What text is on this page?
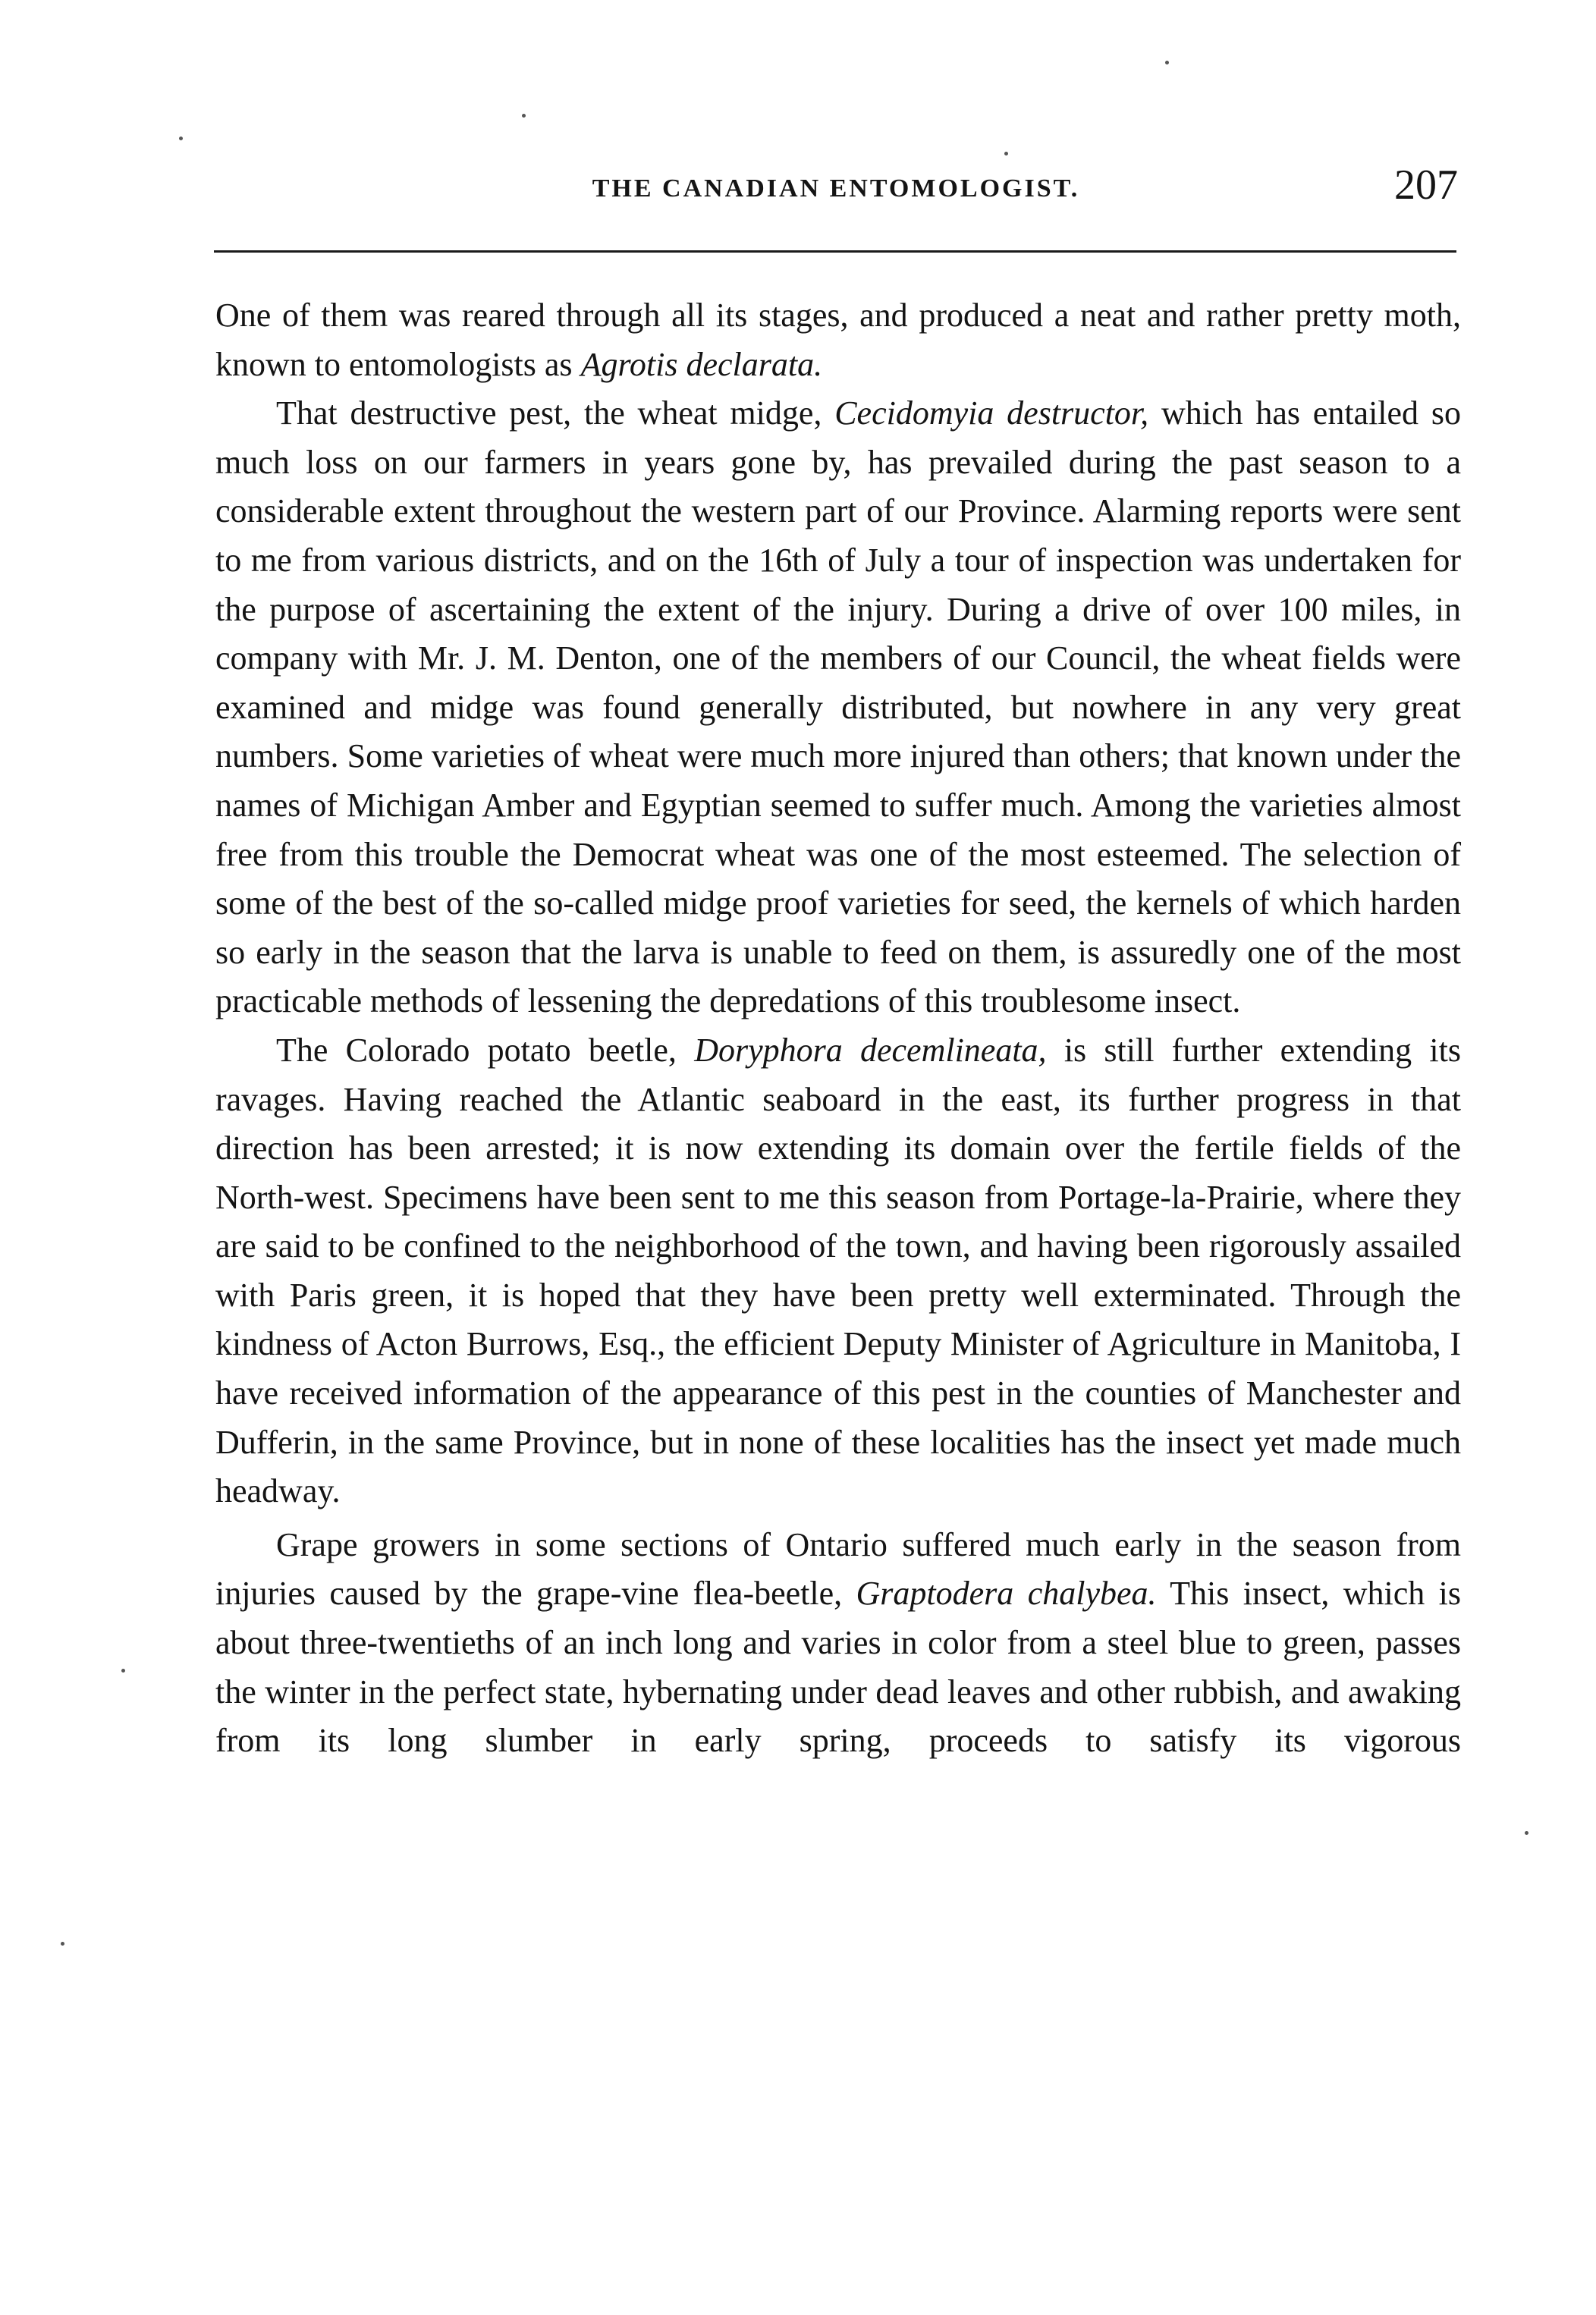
THE CANADIAN ENTOMOLOGIST.	207

One of them was reared through all its stages, and produced a neat and rather pretty moth, known to entomologists as Agrotis declarata.

That destructive pest, the wheat midge, Cecidomyia destructor, which has entailed so much loss on our farmers in years gone by, has prevailed during the past season to a considerable extent throughout the western part of our Province. Alarming reports were sent to me from various districts, and on the 16th of July a tour of inspection was undertaken for the purpose of ascertaining the extent of the injury. During a drive of over 100 miles, in company with Mr. J. M. Denton, one of the members of our Council, the wheat fields were examined and midge was found generally distributed, but nowhere in any very great numbers. Some varieties of wheat were much more injured than others; that known under the names of Michigan Amber and Egyptian seemed to suffer much. Among the varieties almost free from this trouble the Democrat wheat was one of the most esteemed. The selection of some of the best of the so-called midge proof varieties for seed, the kernels of which harden so early in the season that the larva is unable to feed on them, is assuredly one of the most practicable methods of lessening the depredations of this troublesome insect.

The Colorado potato beetle, Doryphora decemlineata, is still further extending its ravages. Having reached the Atlantic seaboard in the east, its further progress in that direction has been arrested; it is now extending its domain over the fertile fields of the North-west. Specimens have been sent to me this season from Portage-la-Prairie, where they are said to be confined to the neighborhood of the town, and having been rigorously assailed with Paris green, it is hoped that they have been pretty well exterminated. Through the kindness of Acton Burrows, Esq., the efficient Deputy Minister of Agriculture in Manitoba, I have received information of the appearance of this pest in the counties of Manchester and Dufferin, in the same Province, but in none of these localities has the insect yet made much headway.

Grape growers in some sections of Ontario suffered much early in the season from injuries caused by the grape-vine flea-beetle, Graptodera chalybea. This insect, which is about three-twentieths of an inch long and varies in color from a steel blue to green, passes the winter in the perfect state, hybernating under dead leaves and other rubbish, and awaking from its long slumber in early spring, proceeds to satisfy its vigorous
